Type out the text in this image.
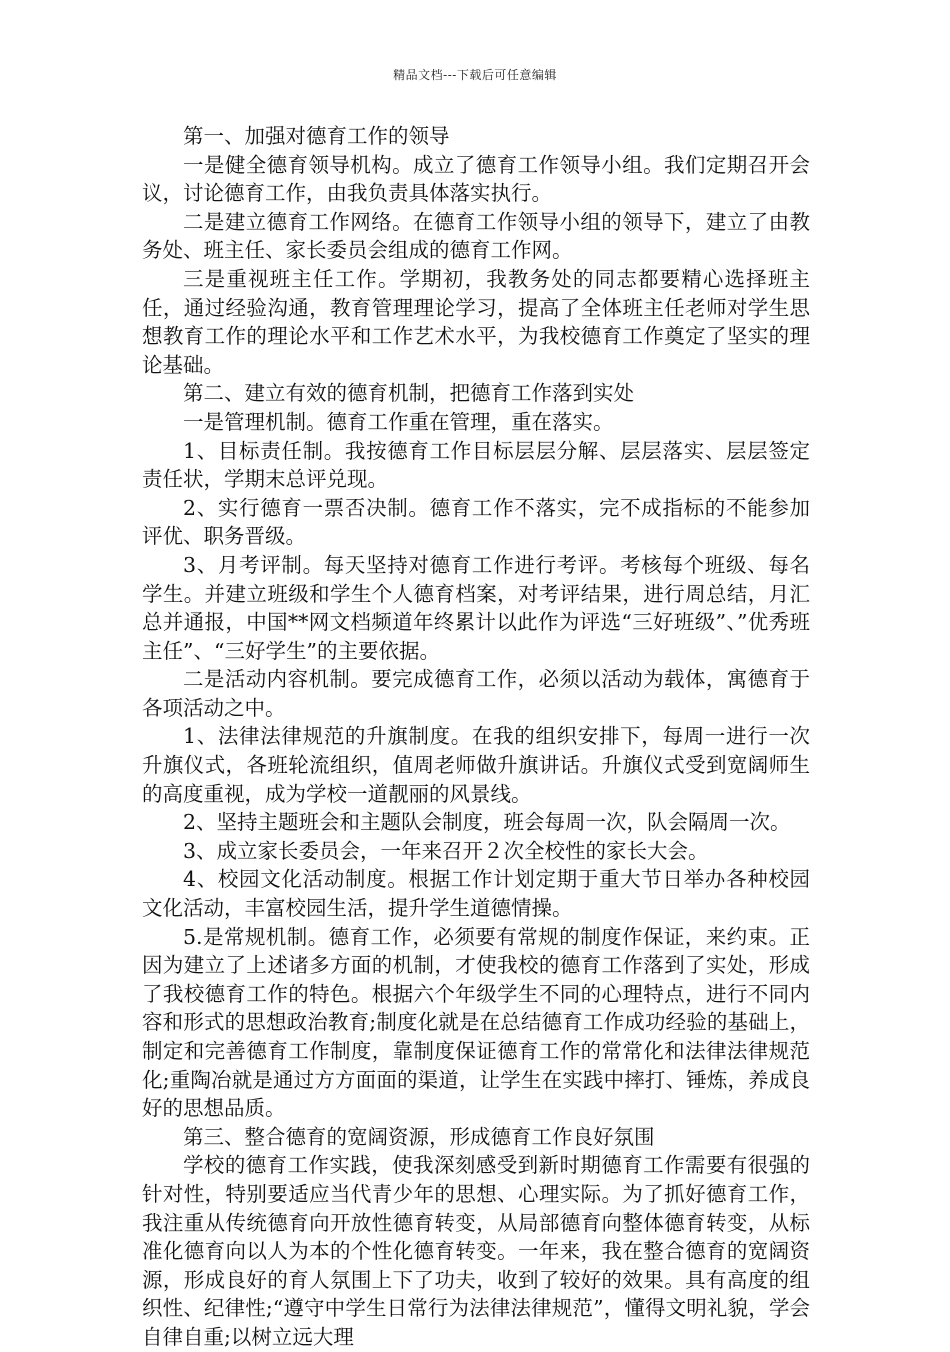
精品文档---下载后可任意编辑

第一、加强对德育工作的领导

一是健全德育领导机构。成立了德育工作领导小组。我们定期召开会议，讨论德育工作，由我负责具体落实执行。

二是建立德育工作网络。在德育工作领导小组的领导下，建立了由教务处、班主任、家长委员会组成的德育工作网。

三是重视班主任工作。学期初，我教务处的同志都要精心选择班主任，通过经验沟通，教育管理理论学习，提高了全体班主任老师对学生思想教育工作的理论水平和工作艺术水平，为我校德育工作奠定了坚实的理论基础。

第二、建立有效的德育机制，把德育工作落到实处

一是管理机制。德育工作重在管理，重在落实。

1、目标责任制。我按德育工作目标层层分解、层层落实、层层签定责任状，学期末总评兑现。

2、实行德育一票否决制。德育工作不落实，完不成指标的不能参加评优、职务晋级。

3、月考评制。每天坚持对德育工作进行考评。考核每个班级、每名学生。并建立班级和学生个人德育档案，对考评结果，进行周总结，月汇总并通报，中国**网文档频道年终累计以此作为评选“三好班级”、”优秀班主任”、“三好学生”的主要依据。

二是活动内容机制。要完成德育工作，必须以活动为载体，寓德育于各项活动之中。

1、法律法律规范的升旗制度。在我的组织安排下，每周一进行一次升旗仪式，各班轮流组织，值周老师做升旗讲话。升旗仪式受到宽阔师生的高度重视，成为学校一道靓丽的风景线。

2、坚持主题班会和主题队会制度，班会每周一次，队会隔周一次。

3、成立家长委员会，一年来召开２次全校性的家长大会。

4、校园文化活动制度。根据工作计划定期于重大节日举办各种校园文化活动，丰富校园生活，提升学生道德情操。

5.是常规机制。德育工作，必须要有常规的制度作保证，来约束。正因为建立了上述诸多方面的机制，才使我校的德育工作落到了实处，形成了我校德育工作的特色。根据六个年级学生不同的心理特点，进行不同内容和形式的思想政治教育;制度化就是在总结德育工作成功经验的基础上，制定和完善德育工作制度，靠制度保证德育工作的常常化和法律法律规范化;重陶冶就是通过方方面面的渠道，让学生在实践中摔打、锤炼，养成良好的思想品质。

第三、整合德育的宽阔资源，形成德育工作良好氛围

学校的德育工作实践，使我深刻感受到新时期德育工作需要有很强的针对性，特别要适应当代青少年的思想、心理实际。为了抓好德育工作，我注重从传统德育向开放性德育转变，从局部德育向整体德育转变，从标准化德育向以人为本的个性化德育转变。一年来，我在整合德育的宽阔资源，形成良好的育人氛围上下了功夫，收到了较好的效果。具有高度的组织性、纪律性;“遵守中学生日常行为法律法律规范”，懂得文明礼貌，学会自律自重;以树立远大理
